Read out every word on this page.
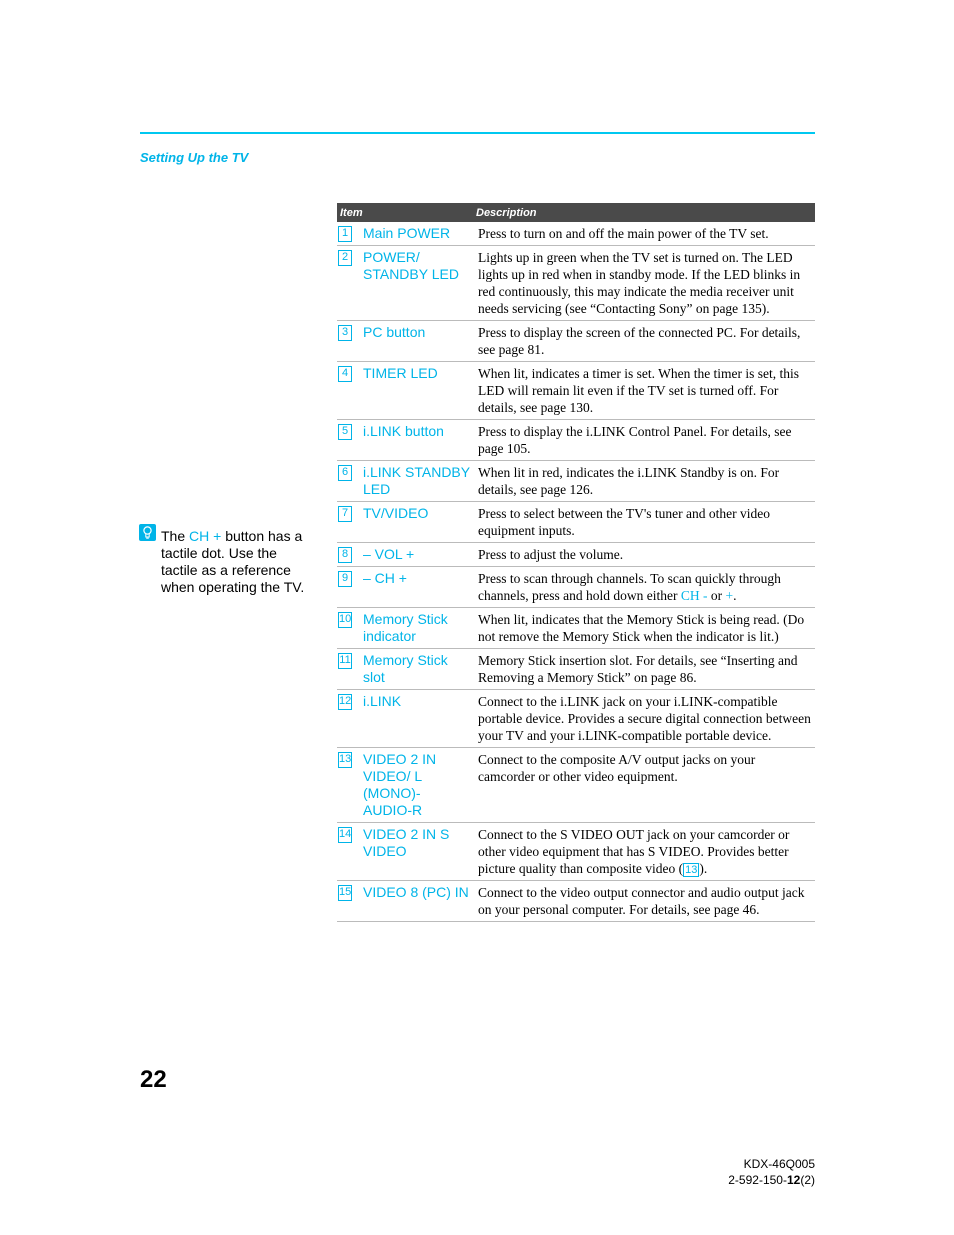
Setting Up the TV
The CH + button has a tactile dot. Use the tactile as a reference when operating the TV.
Item	Description

1 Main POWER	Press to turn on and off the main power of the TV set.

2 POWER/ STANDBY LED	Lights up in green when the TV set is turned on. The LED lights up in red when in standby mode. If the LED blinks in red continuously, this may indicate the media receiver unit needs servicing (see “Contacting Sony” on page 135).

3 PC button	Press to display the screen of the connected PC. For details, see page 81.

4 TIMER LED	When lit, indicates a timer is set. When the timer is set, this LED will remain lit even if the TV set is turned off. For details, see page 130.

5 i.LINK button	Press to display the i.LINK Control Panel. For details, see page 105.

6 i.LINK STANDBY LED	When lit in red, indicates the i.LINK Standby is on. For details, see page 126.

7 TV/VIDEO	Press to select between the TV's tuner and other video equipment inputs.

8 – VOL +	Press to adjust the volume.

9 – CH +	Press to scan through channels. To scan quickly through channels, press and hold down either CH - or +.

10 Memory Stick indicator	When lit, indicates that the Memory Stick is being read. (Do not remove the Memory Stick when the indicator is lit.)

11 Memory Stick slot	Memory Stick insertion slot. For details, see “Inserting and Removing a Memory Stick” on page 86.

12 i.LINK	Connect to the i.LINK jack on your i.LINK-compatible portable device. Provides a secure digital connection between your TV and your i.LINK-compatible portable device.

13 VIDEO 2 IN VIDEO/ L (MONO)- AUDIO-R	Connect to the composite A/V output jacks on your camcorder or other video equipment.

14 VIDEO 2 IN S VIDEO	Connect to the S VIDEO OUT jack on your camcorder or other video equipment that has S VIDEO. Provides better picture quality than composite video ( 13 ).

15 VIDEO 8 (PC) IN	Connect to the video output connector and audio output jack on your personal computer. For details, see page 46.
22
KDX-46Q005
2-592-150-12(2)
